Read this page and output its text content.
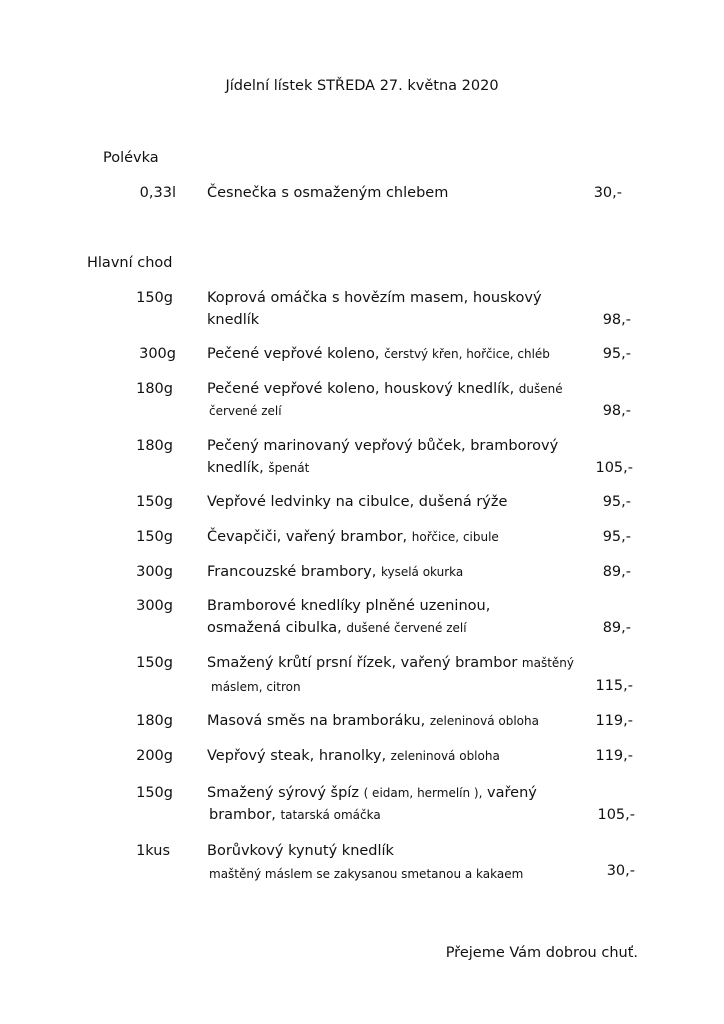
Jídelní lístek STŘEDA 27. května 2020
Polévka
0,33l Česnečka s osmaženým chlebem	30,-
Hlavní chod
150g Koprová omáčka s hovězím masem, houskový
knedlík	98,-
300g Pečené vepřové koleno, čerstvý křen, hořčice, chléb	95,-
180g Pečené vepřové koleno, houskový knedlík, dušené
červené zelí	98,-
180g Pečený marinovaný vepřový bůček, bramborový
knedlík, špenát	105,-
150g Vepřové ledvinky na cibulce, dušená rýže	95,-
150g Čevapčiči, vařený brambor, hořčice, cibule	95,-
300g Francouzské brambory, kyselá okurka	89,-
300g Bramborové knedlíky plněné uzeninou,
osmažená cibulka, dušené červené zelí	89,-
150g Smažený krůtí prsní řízek, vařený brambor maštěný
máslem, citron	115,-
180g Masová směs na bramboráku, zeleninová obloha	119,-
200g Vepřový steak, hranolky, zeleninová obloha	119,-
150g Smažený sýrový špíz ( eidam, hermelín ), vařený
brambor, tatarská omáčka	105,-
1kus	Borůvkový kynutý knedlík
maštěný máslem se zakysanou smetanou a kakaem	30,-
Přejeme Vám dobrou chuť.
